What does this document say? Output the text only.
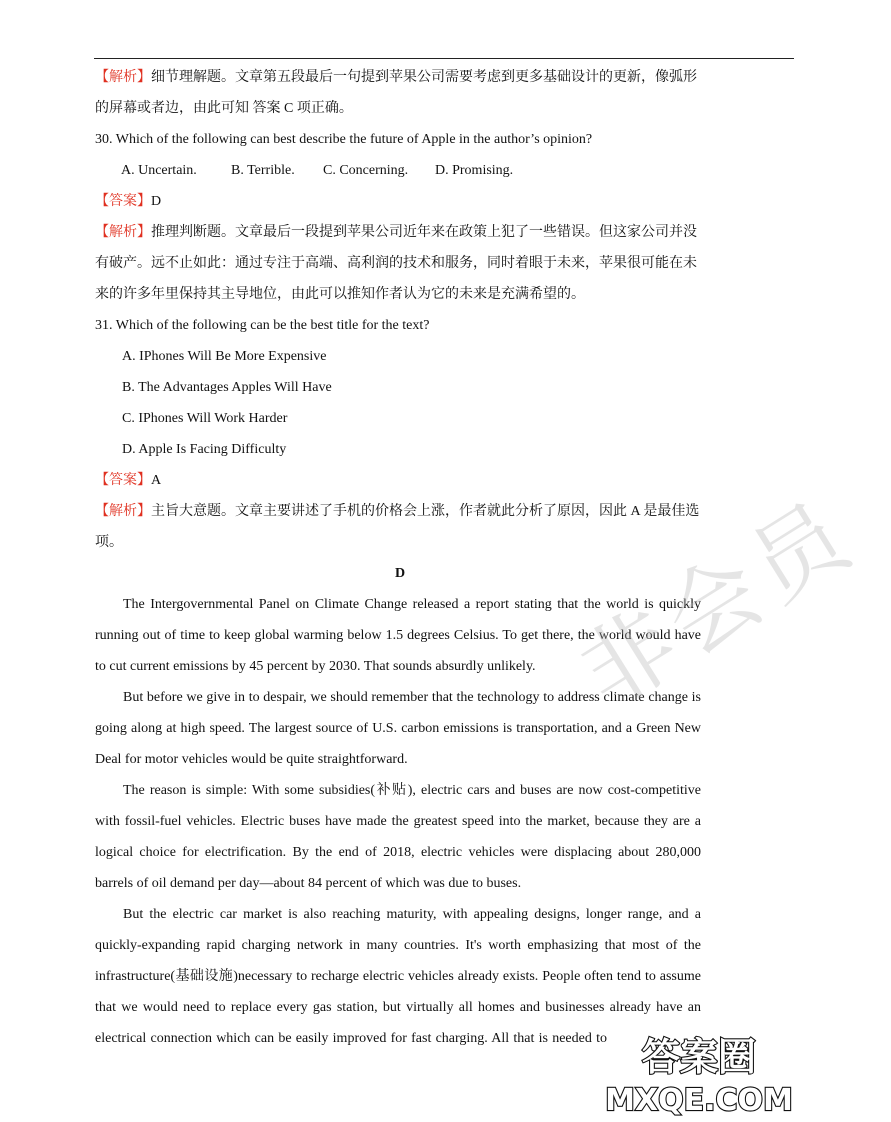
【解析】细节理解题。文章第五段最后一句提到苹果公司需要考虑到更多基础设计的更新，像弧形
的屏幕或者边，由此可知 答案 C 项正确。
30. Which of the following can best describe the future of Apple in the author’s opinion?
A. Uncertain. B. Terrible. C. Concerning. D. Promising.
【答案】D
【解析】推理判断题。文章最后一段提到苹果公司近年来在政策上犯了一些错误。但这家公司并没
有破产。远不止如此：通过专注于高端、高利润的技术和服务，同时着眼于未来，苹果很可能在未
来的许多年里保持其主导地位，由此可以推知作者认为它的未来是充满希望的。
31. Which of the following can be the best title for the text?
A. IPhones Will Be More Expensive
B. The Advantages Apples Will Have
C. IPhones Will Work Harder
D. Apple Is Facing Difficulty
【答案】A
【解析】主旨大意题。文章主要讲述了手机的价格会上涨，作者就此分析了原因，因此 A 是最佳选
项。
D
The Intergovernmental Panel on Climate Change released a report stating that the world is quickly
running out of time to keep global warming below 1.5 degrees Celsius. To get there, the world would have
to cut current emissions by 45 percent by 2030. That sounds absurdly unlikely.
But before we give in to despair, we should remember that the technology to address climate change is
going along at high speed. The largest source of U.S. carbon emissions is transportation, and a Green New
Deal for motor vehicles would be quite straightforward.
The reason is simple: With some subsidies(补贴), electric cars and buses are now cost-competitive
with fossil-fuel vehicles. Electric buses have made the greatest speed into the market, because they are a
logical choice for electrification. By the end of 2018, electric vehicles were displacing about 280,000
barrels of oil demand per day—about 84 percent of which was due to buses.
But the electric car market is also reaching maturity, with appealing designs, longer range, and a
quickly-expanding rapid charging network in many countries. It's worth emphasizing that most of the
infrastructure(基础设施)necessary to recharge electric vehicles already exists. People often tend to assume
that we would need to replace every gas station, but virtually all homes and businesses already have an
electrical connection which can be easily improved for fast charging. All that is needed to
非会员
答案圈
MXQE.COM
